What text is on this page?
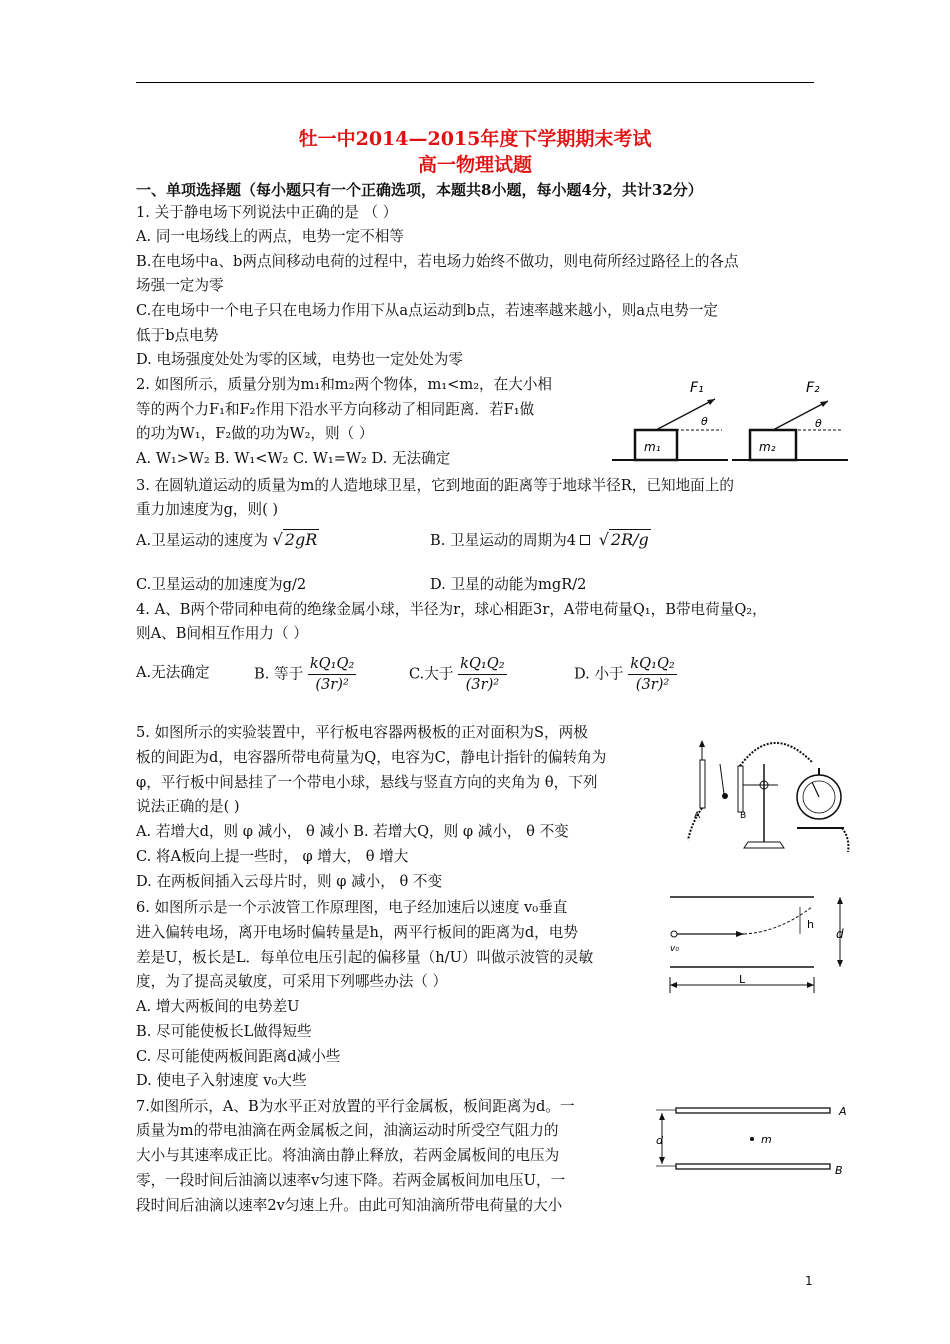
牡一中2014—2015年度下学期期末考试
高一物理试题
一、单项选择题（每小题只有一个正确选项，本题共8小题，每小题4分，共计32分）
1. 关于静电场下列说法中正确的是 （ ）
A. 同一电场线上的两点，电势一定不相等
B.在电场中a、b两点间移动电荷的过程中，若电场力始终不做功，则电荷所经过路径上的各点
场强一定为零
C.在电场中一个电子只在电场力作用下从a点运动到b点，若速率越来越小，则a点电势一定
低于b点电势
D. 电场强度处处为零的区域，电势也一定处处为零
2. 如图所示，质量分别为m₁和m₂两个物体，m₁<m₂，在大小相
等的两个力F₁和F₂作用下沿水平方向移动了相同距离．若F₁做
的功为W₁，F₂做的功为W₂，则（ ）
A. W₁>W₂ B. W₁<W₂ C. W₁=W₂ D. 无法确定
m₁
F₁
θ
m₂
F₂
θ
3. 在圆轨道运动的质量为m的人造地球卫星，它到地面的距离等于地球半径R，已知地面上的
重力加速度为g，则( )
A.卫星运动的速度为 √ 2gR	B. 卫星运动的周期为4 √ 2R/g
C.卫星运动的加速度为g/2	D. 卫星的动能为mgR/2
4. A、B两个带同种电荷的绝缘金属小球，半径为r，球心相距3r，A带电荷量Q₁，B带电荷量Q₂，
则A、B间相互作用力（ ）
A.无法确定	B. 等于 $\frac{\text{kQ₁Q₂}}{\text{(3r)²}}$	C.大于 $\frac{\text{kQ₁Q₂}}{\text{(3r)²}}$	D. 小于 $\frac{\text{kQ₁Q₂}}{\text{(3r)²}}$
5. 如图所示的实验装置中，平行板电容器两极板的正对面积为S，两极
板的间距为d，电容器所带电荷量为Q，电容为C，静电计指针的偏转角为
φ，平行板中间悬挂了一个带电小球，悬线与竖直方向的夹角为 θ，下列
说法正确的是( )
A. 若增大d，则 φ 减小， θ 减小 B. 若增大Q，则 φ 减小， θ 不变
C. 将A板向上提一些时， φ 增大， θ 增大
D. 在两板间插入云母片时，则 φ 减小， θ 不变
A	B
6. 如图所示是一个示波管工作原理图，电子经加速后以速度 v₀垂直
进入偏转电场，离开电场时偏转量是h，两平行板间的距离为d，电势
差是U，板长是L．每单位电压引起的偏移量（h/U）叫做示波管的灵敏
度，为了提高灵敏度，可采用下列哪些办法（ ）
A. 增大两板间的电势差U
B. 尽可能使板长L做得短些
C. 尽可能使两板间距离d减小些
D. 使电子入射速度 v₀大些
v₀
h
d
L
7.如图所示，A、B为水平正对放置的平行金属板，板间距离为d。一
质量为m的带电油滴在两金属板之间，油滴运动时所受空气阻力的
大小与其速率成正比。将油滴由静止释放，若两金属板间的电压为
零，一段时间后油滴以速率v匀速下降。若两金属板间加电压U，一
段时间后油滴以速率2v匀速上升。由此可知油滴所带电荷量的大小
A
B
d	m
1
